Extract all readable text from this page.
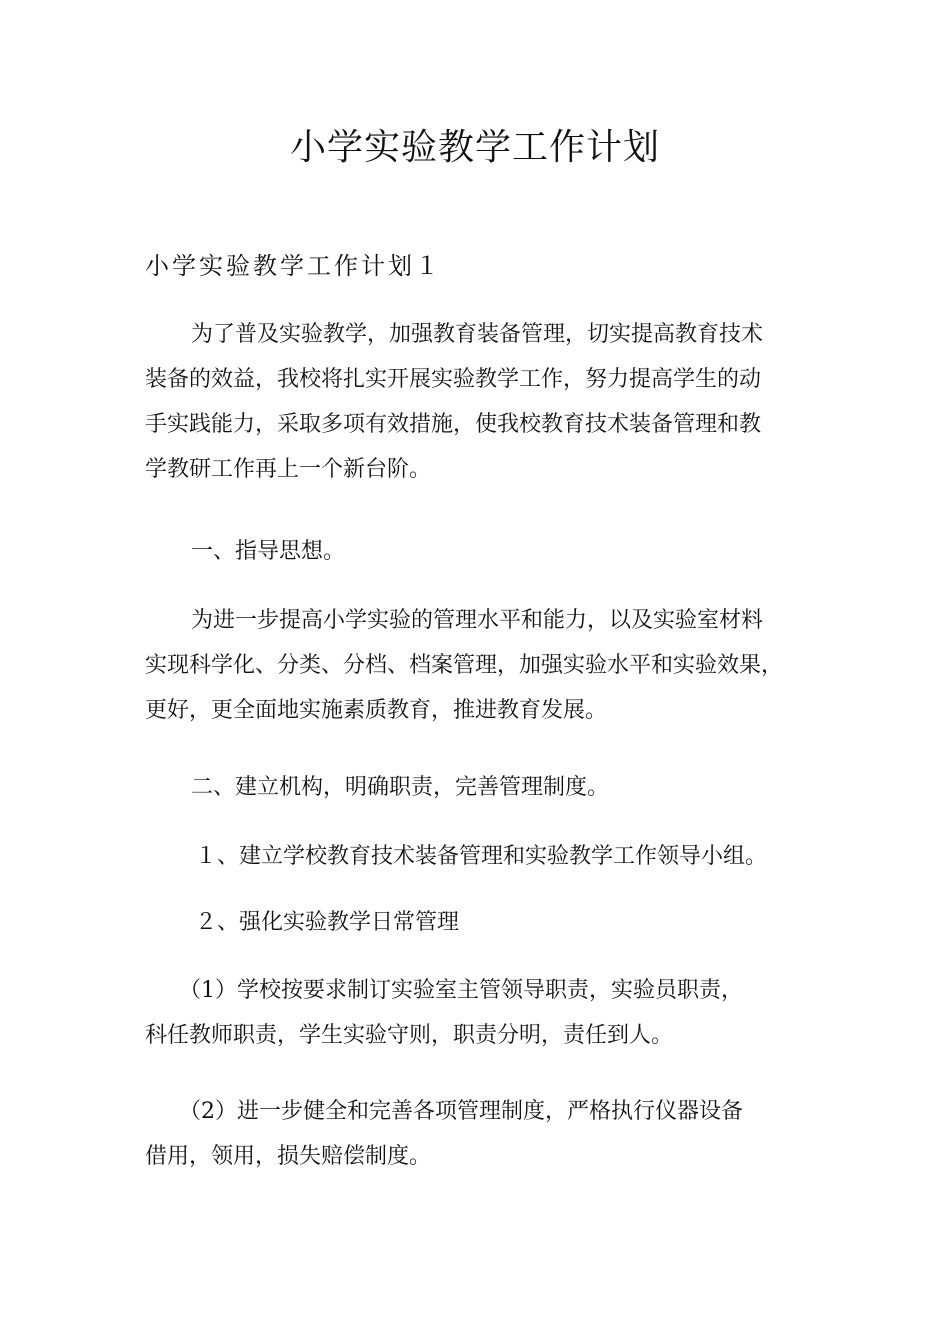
小学实验教学工作计划
小学实验教学工作计划１
为了普及实验教学，加强教育装备管理，切实提高教育技术
装备的效益，我校将扎实开展实验教学工作，努力提高学生的动
手实践能力，采取多项有效措施，使我校教育技术装备管理和教
学教研工作再上一个新台阶。
一、指导思想。
为进一步提高小学实验的管理水平和能力，以及实验室材料
实现科学化、分类、分档、档案管理，加强实验水平和实验效果，
更好，更全面地实施素质教育，推进教育发展。
二、建立机构，明确职责，完善管理制度。
１、建立学校教育技术装备管理和实验教学工作领导小组。
２、强化实验教学日常管理
（1）学校按要求制订实验室主管领导职责，实验员职责，
科任教师职责，学生实验守则，职责分明，责任到人。
（2）进一步健全和完善各项管理制度，严格执行仪器设备
借用，领用，损失赔偿制度。
